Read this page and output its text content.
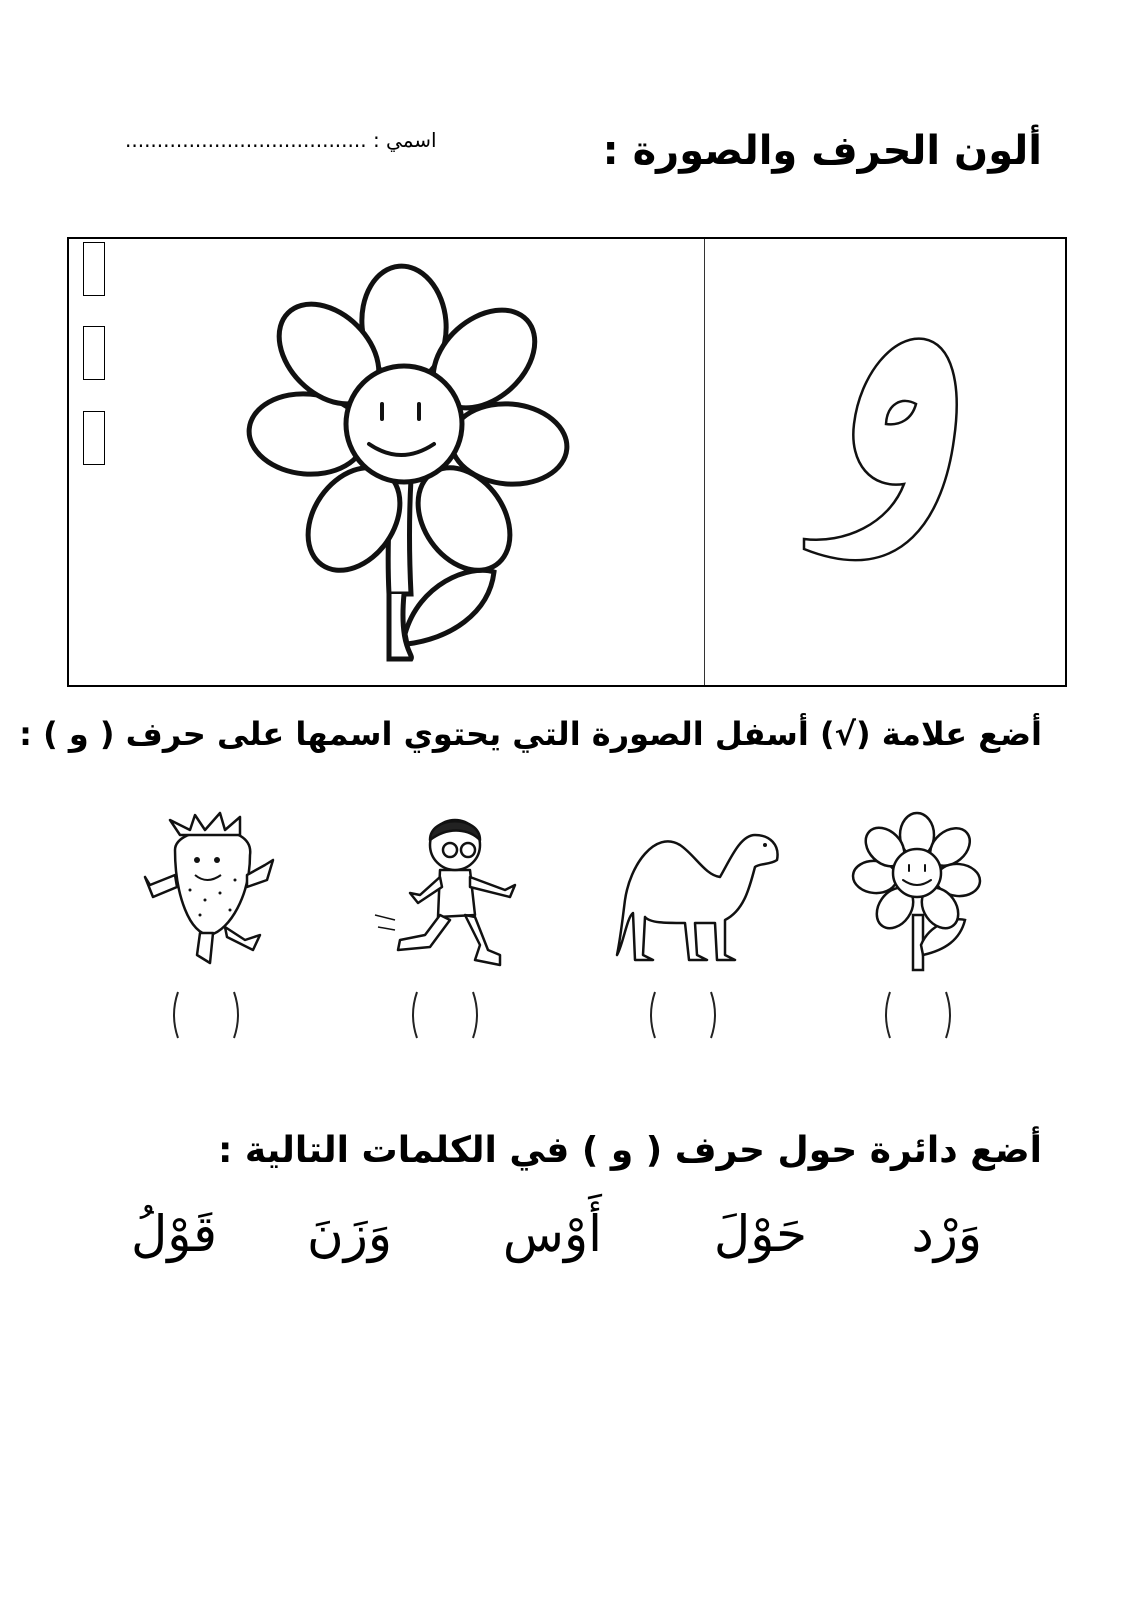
ألون الحرف والصورة :
اسمي : ......................................
أضع علامة (√) أسفل الصورة التي يحتوي اسمها على حرف ( و ) :
أضع دائرة حول حرف ( و ) في الكلمات التالية :
وَرْد
حَوْلَ
أَوْس
وَزَنَ
قَوْلُ
